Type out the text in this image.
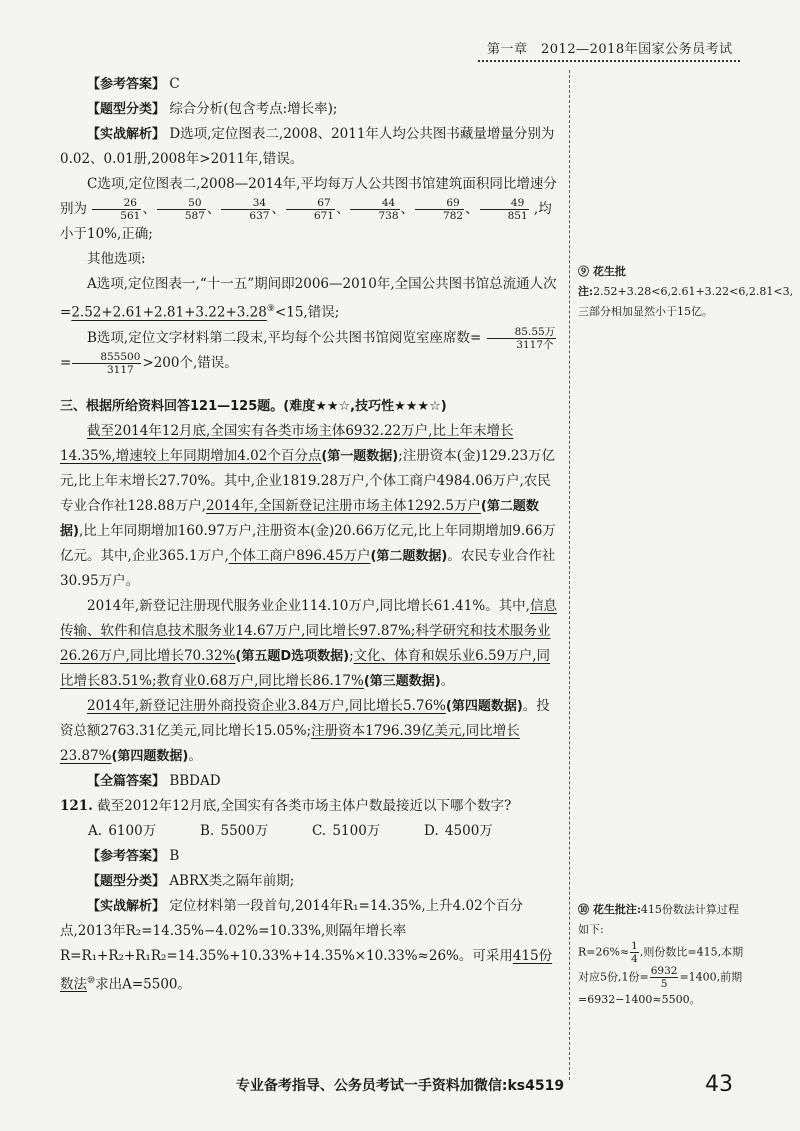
第一章　2012—2018年国家公务员考试

【参考答案】 C

【题型分类】 综合分析(包含考点:增长率);

【实战解析】 D选项,定位图表二,2008、2011年人均公共图书藏量增量分别为0.02、0.01册,2008年>2011年,错误。

C选项,定位图表二,2008—2014年,平均每万人公共图书馆建筑面积同比增速分别为 $\frac{26}{561}$ 、 $\frac{50}{587}$ 、 $\frac{34}{637}$ 、 $\frac{67}{671}$ 、 $\frac{44}{738}$ 、 $\frac{69}{782}$ 、 $\frac{49}{851}$ ,均小于10%,正确;

其他选项:

A选项,定位图表一,“十一五”期间即2006—2010年,全国公共图书馆总流通人次=2.52+2.61+2.81+3.22+3.28⑨<15,错误;

B选项,定位文字材料第二段末,平均每个公共图书馆阅览室座席数= $\frac{\text{85.55万}}{\text{3117个}}$
= $\frac{855500}{3117} >200$个,错误。

三、根据所给资料回答121—125题。(难度★★☆,技巧性★★★☆)

截至2014年12月底,全国实有各类市场主体6932.22万户,比上年末增长14.35%,增速较上年同期增加4.02个百分点(第一题数据);注册资本(金)129.23万亿元,比上年末增长27.70%。其中,企业1819.28万户,个体工商户4984.06万户,农民专业合作社128.88万户,2014年,全国新登记注册市场主体1292.5万户(第二题数据),比上年同期增加160.97万户,注册资本(金)20.66万亿元,比上年同期增加9.66万亿元。其中,企业365.1万户,个体工商户896.45万户(第二题数据)。农民专业合作社30.95万户。

2014年,新登记注册现代服务业企业114.10万户,同比增长61.41%。其中,信息传输、软件和信息技术服务业14.67万户,同比增长97.87%;科学研究和技术服务业26.26万户,同比增长70.32%(第五题D选项数据);文化、体育和娱乐业6.59万户,同比增长83.51%;教育业0.68万户,同比增长86.17%(第三题数据)。

2014年,新登记注册外商投资企业3.84万户,同比增长5.76%(第四题数据)。投资总额2763.31亿美元,同比增长15.05%;注册资本1796.39亿美元,同比增长23.87%(第四题数据)。

【全篇答案】 BBDAD

121. 截至2012年12月底,全国实有各类市场主体户数最接近以下哪个数字?

A. 6100万	B. 5500万	C. 5100万	D. 4500万

【参考答案】 B

【题型分类】 ABRX类之隔年前期;

【实战解析】 定位材料第一段首句,2014年R₁=14.35%,上升4.02个百分点,2013年R₂=14.35%−4.02%=10.33%,则隔年增长率R=R₁+R₂+R₁R₂=14.35%+10.33%+14.35%×10.33%≈26%。可采用415份数法⑩求出A=5500。

⑨ 花生批注:2.52+3.28<6,2.61+3.22<6,2.81<3,三部分相加显然小于15亿。
⑩ 花生批注:415份数法计算过程如下:
$R=26\%\approx \frac{1}{4}$ ,则份数比=415,本期对应5份,1份= $\frac{6932}{5} =1400$,前期=6932−1400≈5500。
专业备考指导、公务员考试一手资料加微信:ks4519	43
